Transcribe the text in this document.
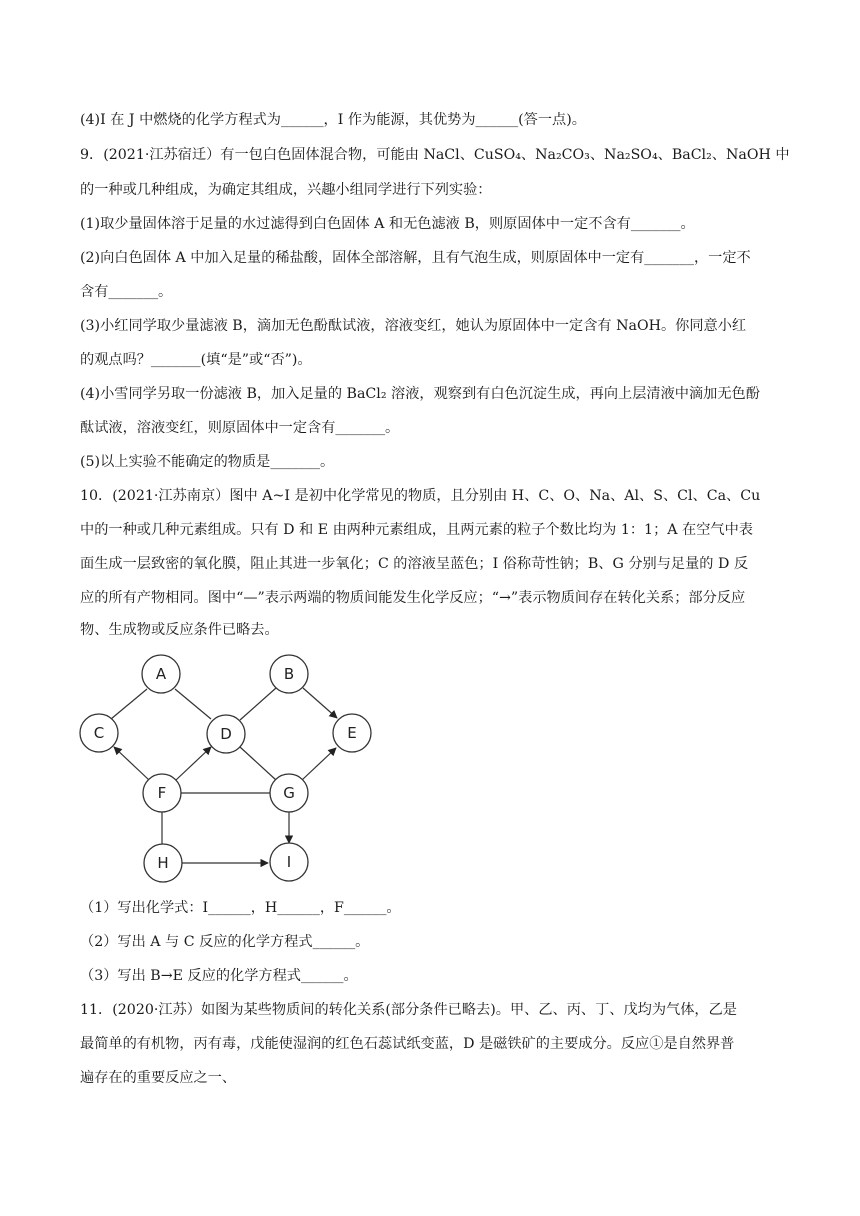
(4)I 在 J 中燃烧的化学方程式为______，I 作为能源，其优势为______(答一点)。
9．(2021·江苏宿迁）有一包白色固体混合物，可能由 NaCl、CuSO₄、Na₂CO₃、Na₂SO₄、BaCl₂、NaOH 中
的一种或几种组成，为确定其组成，兴趣小组同学进行下列实验：
(1)取少量固体溶于足量的水过滤得到白色固体 A 和无色滤液 B，则原固体中一定不含有_______。
(2)向白色固体 A 中加入足量的稀盐酸，固体全部溶解，且有气泡生成，则原固体中一定有_______，一定不
含有_______。
(3)小红同学取少量滤液 B，滴加无色酚酞试液，溶液变红，她认为原固体中一定含有 NaOH。你同意小红
的观点吗？_______(填“是”或“否”)。
(4)小雪同学另取一份滤液 B，加入足量的 BaCl₂ 溶液，观察到有白色沉淀生成，再向上层清液中滴加无色酚
酞试液，溶液变红，则原固体中一定含有_______。
(5)以上实验不能确定的物质是_______。
10．(2021·江苏南京）图中 A~I 是初中化学常见的物质，且分别由 H、C、O、Na、Al、S、Cl、Ca、Cu
中的一种或几种元素组成。只有 D 和 E 由两种元素组成，且两元素的粒子个数比均为 1：1；A 在空气中表
面生成一层致密的氧化膜，阻止其进一步氧化；C 的溶液呈蓝色；I 俗称苛性钠；B、G 分别与足量的 D 反
应的所有产物相同。图中“—”表示两端的物质间能发生化学反应；“→”表示物质间存在转化关系；部分反应
物、生成物或反应条件已略去。
A	B
C	D	E
F	G
H	I
（1）写出化学式：I______，H______，F______。
（2）写出 A 与 C 反应的化学方程式______。
（3）写出 B→E 反应的化学方程式______。
11．(2020·江苏）如图为某些物质间的转化关系(部分条件已略去)。甲、乙、丙、丁、戊均为气体，乙是
最简单的有机物，丙有毒，戊能使湿润的红色石蕊试纸变蓝，D 是磁铁矿的主要成分。反应①是自然界普
遍存在的重要反应之一、
